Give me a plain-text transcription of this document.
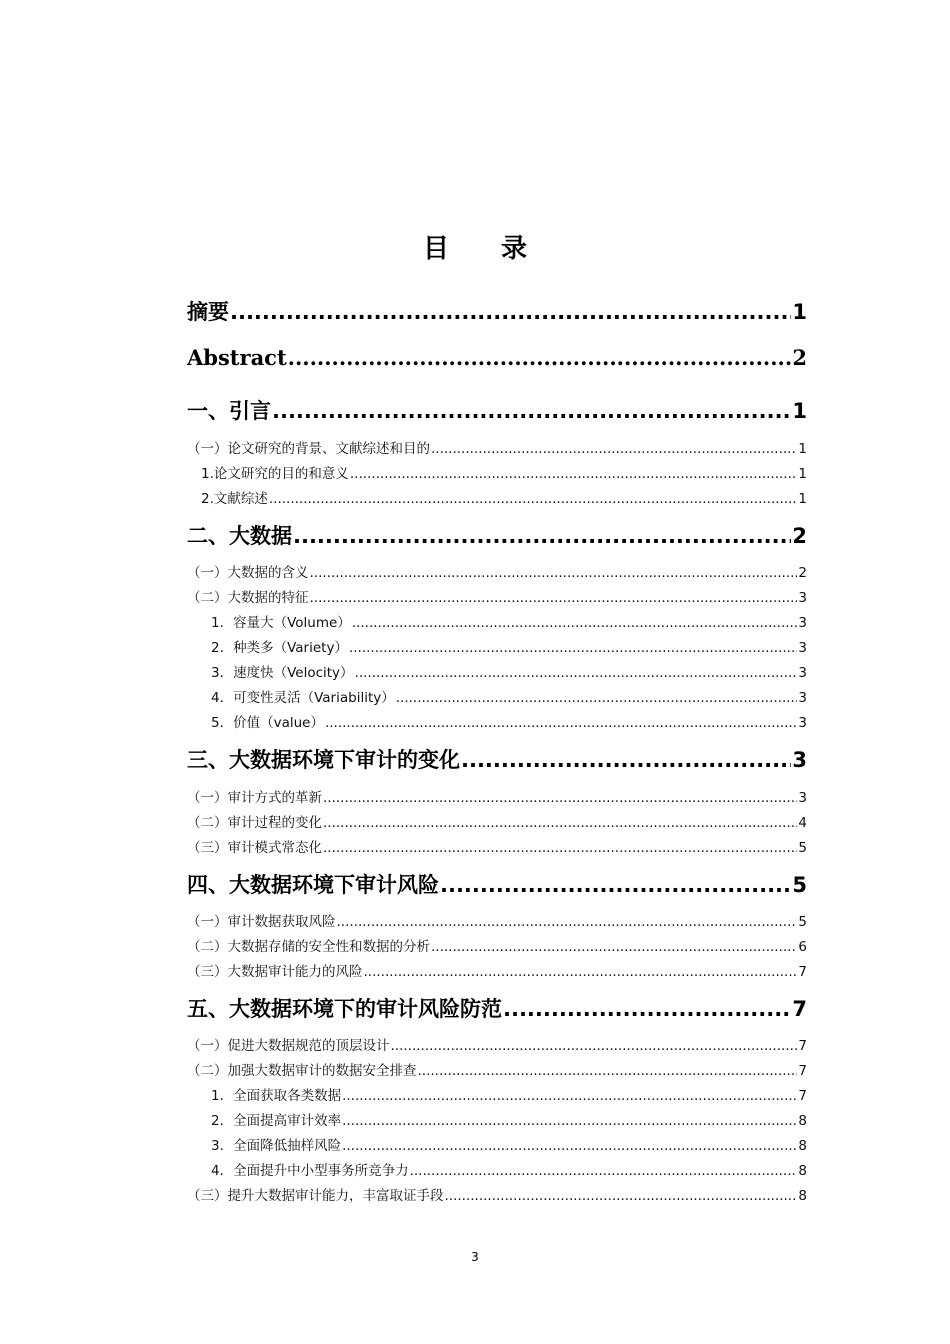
目 录
摘要 .....	1
Abstract .....	2
一、引言 .....	1
（一）论文研究的背景、文献综述和目的 .....	1
1.论文研究的目的和意义 .....	1
2.文献综述 .....	1
二、大数据 .....	2
（一）大数据的含义 .....	2
（二）大数据的特征 .....	3
1．容量大（Volume） .....	3
2．种类多（Variety） .....	3
3．速度快（Velocity） .....	3
4．可变性灵活（Variability） .....	3
5．价值（value） .....	3
三、大数据环境下审计的变化 .....	3
（一）审计方式的革新 .....	3
（二）审计过程的变化 .....	4
（三）审计模式常态化 .....	5
四、大数据环境下审计风险 .....	5
（一）审计数据获取风险 .....	5
（二）大数据存储的安全性和数据的分析 .....	6
（三）大数据审计能力的风险 .....	7
五、大数据环境下的审计风险防范 .....	7
（一）促进大数据规范的顶层设计 .....	7
（二）加强大数据审计的数据安全排查 .....	7
1．全面获取各类数据 .....	7
2．全面提高审计效率 .....	8
3．全面降低抽样风险 .....	8
4．全面提升中小型事务所竞争力 .....	8
（三）提升大数据审计能力，丰富取证手段 .....	8
3
